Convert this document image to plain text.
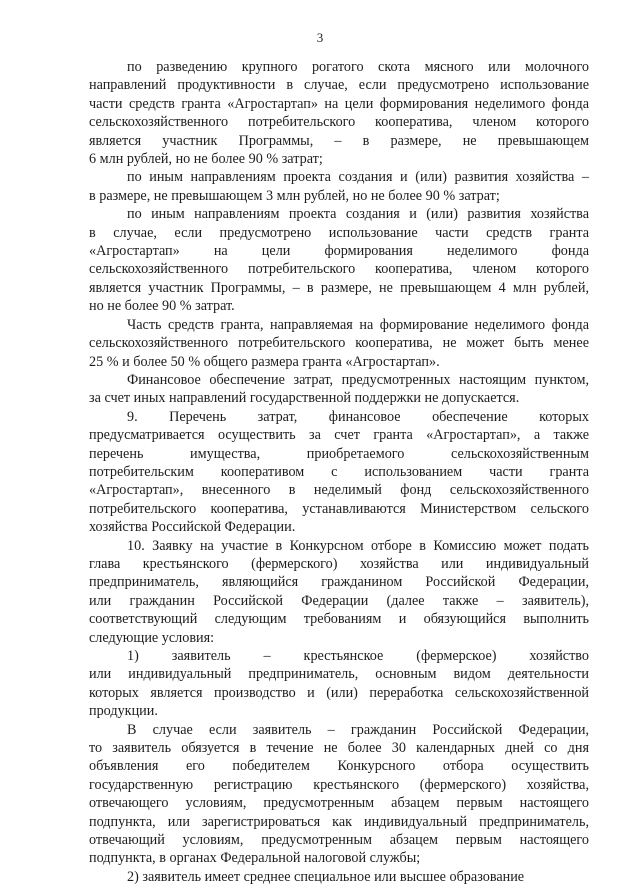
3
по разведению крупного рогатого скота мясного или молочного
направлений продуктивности в случае, если предусмотрено использование
части средств гранта «Агростартап» на цели формирования неделимого фонда
сельскохозяйственного потребительского кооператива, членом которого
является участник Программы, – в размере, не превышающем
6 млн рублей, но не более 90 % затрат;
по иным направлениям проекта создания и (или) развития хозяйства –
в размере, не превышающем 3 млн рублей, но не более 90 % затрат;
по иным направлениям проекта создания и (или) развития хозяйства
в случае, если предусмотрено использование части средств гранта
«Агростартап» на цели формирования неделимого фонда
сельскохозяйственного потребительского кооператива, членом которого
является участник Программы, – в размере, не превышающем 4 млн рублей,
но не более 90 % затрат.
Часть средств гранта, направляемая на формирование неделимого фонда
сельскохозяйственного потребительского кооператива, не может быть менее
25 % и более 50 % общего размера гранта «Агростартап».
Финансовое обеспечение затрат, предусмотренных настоящим пунктом,
за счет иных направлений государственной поддержки не допускается.
9. Перечень затрат, финансовое обеспечение которых
предусматривается осуществить за счет гранта «Агростартап», а также
перечень имущества, приобретаемого сельскохозяйственным
потребительским кооперативом с использованием части гранта
«Агростартап», внесенного в неделимый фонд сельскохозяйственного
потребительского кооператива, устанавливаются Министерством сельского
хозяйства Российской Федерации.
10. Заявку на участие в Конкурсном отборе в Комиссию может подать
глава крестьянского (фермерского) хозяйства или индивидуальный
предприниматель, являющийся гражданином Российской Федерации,
или гражданин Российской Федерации (далее также – заявитель),
соответствующий следующим требованиям и обязующийся выполнить
следующие условия:
1) заявитель – крестьянское (фермерское) хозяйство
или индивидуальный предприниматель, основным видом деятельности
которых является производство и (или) переработка сельскохозяйственной
продукции.
В случае если заявитель – гражданин Российской Федерации,
то заявитель обязуется в течение не более 30 календарных дней со дня
объявления его победителем Конкурсного отбора осуществить
государственную регистрацию крестьянского (фермерского) хозяйства,
отвечающего условиям, предусмотренным абзацем первым настоящего
подпункта, или зарегистрироваться как индивидуальный предприниматель,
отвечающий условиям, предусмотренным абзацем первым настоящего
подпункта, в органах Федеральной налоговой службы;
2) заявитель имеет среднее специальное или высшее образование
